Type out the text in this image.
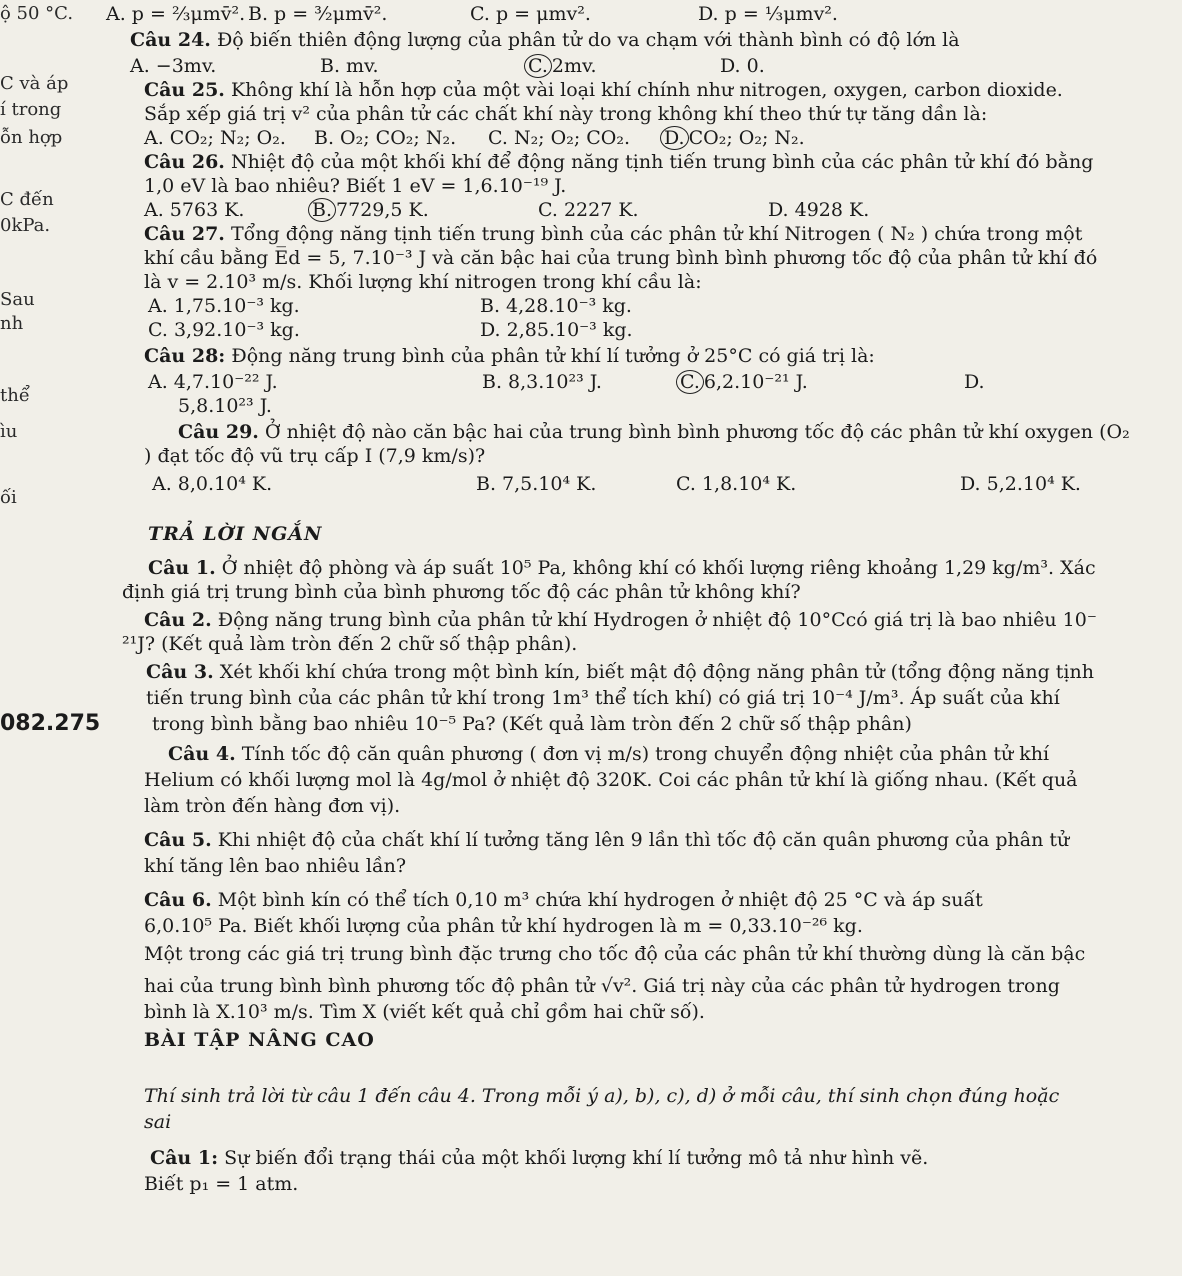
ộ 50 °C.
C và áp
í trong
ỗn hợp
C đến
0kPa.
Sau
nh
thể
ìu
ối
A. p = ⅔μmv̄². B. p = ³⁄₂μmv̄².	C. p = μmv².	D. p = ⅓μmv².
Câu 24. Độ biến thiên động lượng của phân tử do va chạm với thành bình có độ lớn là
A. −3mv.	B. mv.	C. 2mv.	D. 0.
Câu 25. Không khí là hỗn hợp của một vài loại khí chính như nitrogen, oxygen, carbon dioxide.
Sắp xếp giá trị v² của phân tử các chất khí này trong không khí theo thứ tự tăng dần là:
A. CO₂; N₂; O₂. B. O₂; CO₂; N₂. C. N₂; O₂; CO₂. D. CO₂; O₂; N₂.
Câu 26. Nhiệt độ của một khối khí để động năng tịnh tiến trung bình của các phân tử khí đó bằng
1,0 eV là bao nhiêu? Biết 1 eV = 1,6.10⁻¹⁹ J.
A. 5763 K.	B. 7729,5 K.	C. 2227 K.	D. 4928 K.
Câu 27. Tổng động năng tịnh tiến trung bình của các phân tử khí Nitrogen ( N₂ ) chứa trong một
khí cầu bằng E̅d = 5, 7.10⁻³ J và căn bậc hai của trung bình bình phương tốc độ của phân tử khí đó
là v = 2.10³ m/s. Khối lượng khí nitrogen trong khí cầu là:
A. 1,75.10⁻³ kg.	B. 4,28.10⁻³ kg.
C. 3,92.10⁻³ kg.	D. 2,85.10⁻³ kg.
Câu 28: Động năng trung bình của phân tử khí lí tưởng ở 25°C có giá trị là:
A. 4,7.10⁻²² J.	B. 8,3.10²³ J.	C. 6,2.10⁻²¹ J.	D.
5,8.10²³ J.
Câu 29. Ở nhiệt độ nào căn bậc hai của trung bình bình phương tốc độ các phân tử khí oxygen (O₂
) đạt tốc độ vũ trụ cấp I (7,9 km/s)?
A. 8,0.10⁴ K.	B. 7,5.10⁴ K.	C. 1,8.10⁴ K.	D. 5,2.10⁴ K.
TRẢ LỜI NGẮN
Câu 1. Ở nhiệt độ phòng và áp suất 10⁵ Pa, không khí có khối lượng riêng khoảng 1,29 kg/m³. Xác
định giá trị trung bình của bình phương tốc độ các phân tử không khí?
Câu 2. Động năng trung bình của phân tử khí Hydrogen ở nhiệt độ 10°Ccó giá trị là bao nhiêu 10⁻
²¹J? (Kết quả làm tròn đến 2 chữ số thập phân).
Câu 3. Xét khối khí chứa trong một bình kín, biết mật độ động năng phân tử (tổng động năng tịnh
tiến trung bình của các phân tử khí trong 1m³ thể tích khí) có giá trị 10⁻⁴ J/m³. Áp suất của khí
082.275	trong bình bằng bao nhiêu 10⁻⁵ Pa? (Kết quả làm tròn đến 2 chữ số thập phân)
Câu 4. Tính tốc độ căn quân phương ( đơn vị m/s) trong chuyển động nhiệt của phân tử khí
Helium có khối lượng mol là 4g/mol ở nhiệt độ 320K. Coi các phân tử khí là giống nhau. (Kết quả
làm tròn đến hàng đơn vị).
Câu 5. Khi nhiệt độ của chất khí lí tưởng tăng lên 9 lần thì tốc độ căn quân phương của phân tử
khí tăng lên bao nhiêu lần?
Câu 6. Một bình kín có thể tích 0,10 m³ chứa khí hydrogen ở nhiệt độ 25 °C và áp suất
6,0.10⁵ Pa. Biết khối lượng của phân tử khí hydrogen là m = 0,33.10⁻²⁶ kg.
Một trong các giá trị trung bình đặc trưng cho tốc độ của các phân tử khí thường dùng là căn bậc
hai của trung bình bình phương tốc độ phân tử √v². Giá trị này của các phân tử hydrogen trong
bình là X.10³ m/s. Tìm X (viết kết quả chỉ gồm hai chữ số).
BÀI TẬP NÂNG CAO
Thí sinh trả lời từ câu 1 đến câu 4. Trong mỗi ý a), b), c), d) ở mỗi câu, thí sinh chọn đúng hoặc
sai
Câu 1: Sự biến đổi trạng thái của một khối lượng khí lí tưởng mô tả như hình vẽ.
Biết p₁ = 1 atm.
